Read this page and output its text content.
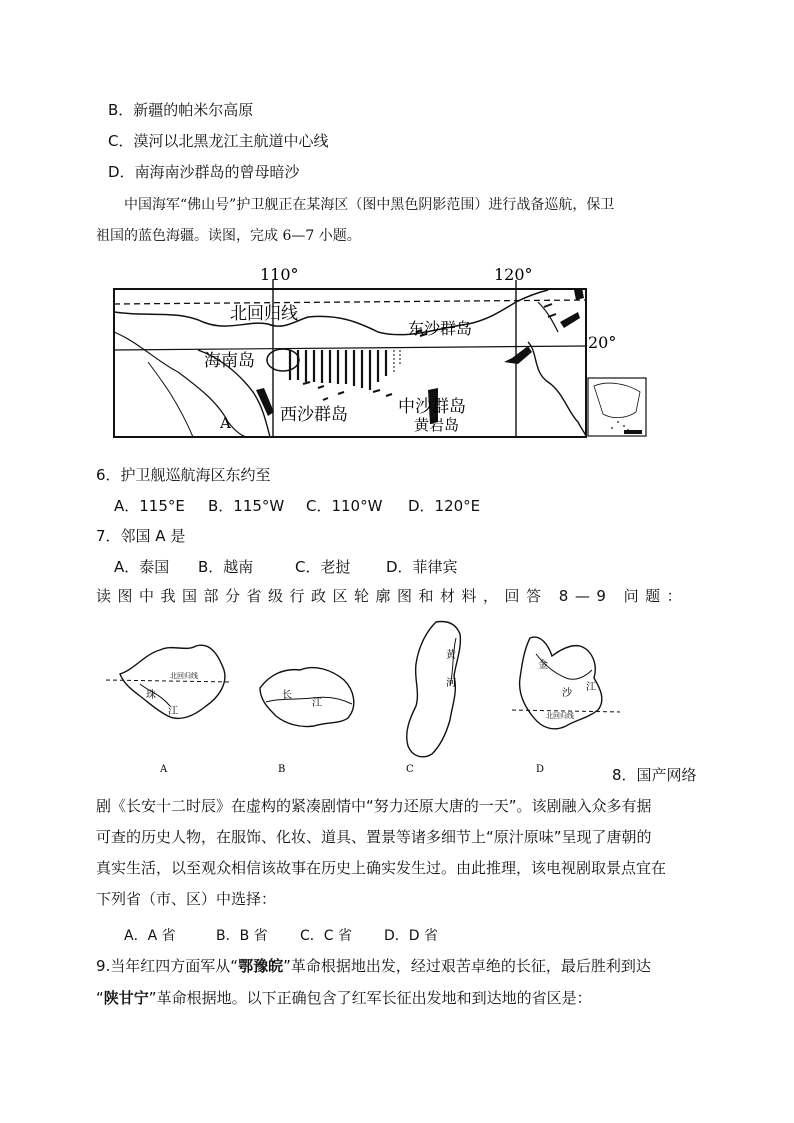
B．新疆的帕米尔高原
C．漠河以北黑龙江主航道中心线
D．南海南沙群岛的曾母暗沙
中国海军“佛山号”护卫舰正在某海区（图中黑色阴影范围）进行战备巡航，保卫
祖国的蓝色海疆。读图，完成 6—7 小题。
110°	120°
20°
北回归线
海南岛
东沙群岛
西沙群岛	中沙群岛
黄岩岛
A
6．护卫舰巡航海区东约至
A．115°E B．115°W C．110°W D．120°E
7．邻国 A 是
A．泰国 B．越南	C．老挝 D．菲律宾
读图中我国部分省级行政区轮廓图和材料，回答 8—9 问题：
北回归线
珠
江
A
长
江
B
黄
河
C
北回归线
金
沙
江
D	8．国产网络
剧《长安十二时辰》在虚构的紧凑剧情中“努力还原大唐的一天”。该剧融入众多有据
可查的历史人物，在服饰、化妆、道具、置景等诸多细节上“原汁原味”呈现了唐朝的
真实生活，以至观众相信该故事在历史上确实发生过。由此推理，该电视剧取景点宜在
下列省（市、区）中选择：
A．A 省	B．B 省 C．C 省 D．D 省
9.当年红四方面军从“鄂豫皖”革命根据地出发，经过艰苦卓绝的长征，最后胜利到达
“陕甘宁”革命根据地。以下正确包含了红军长征出发地和到达地的省区是：
